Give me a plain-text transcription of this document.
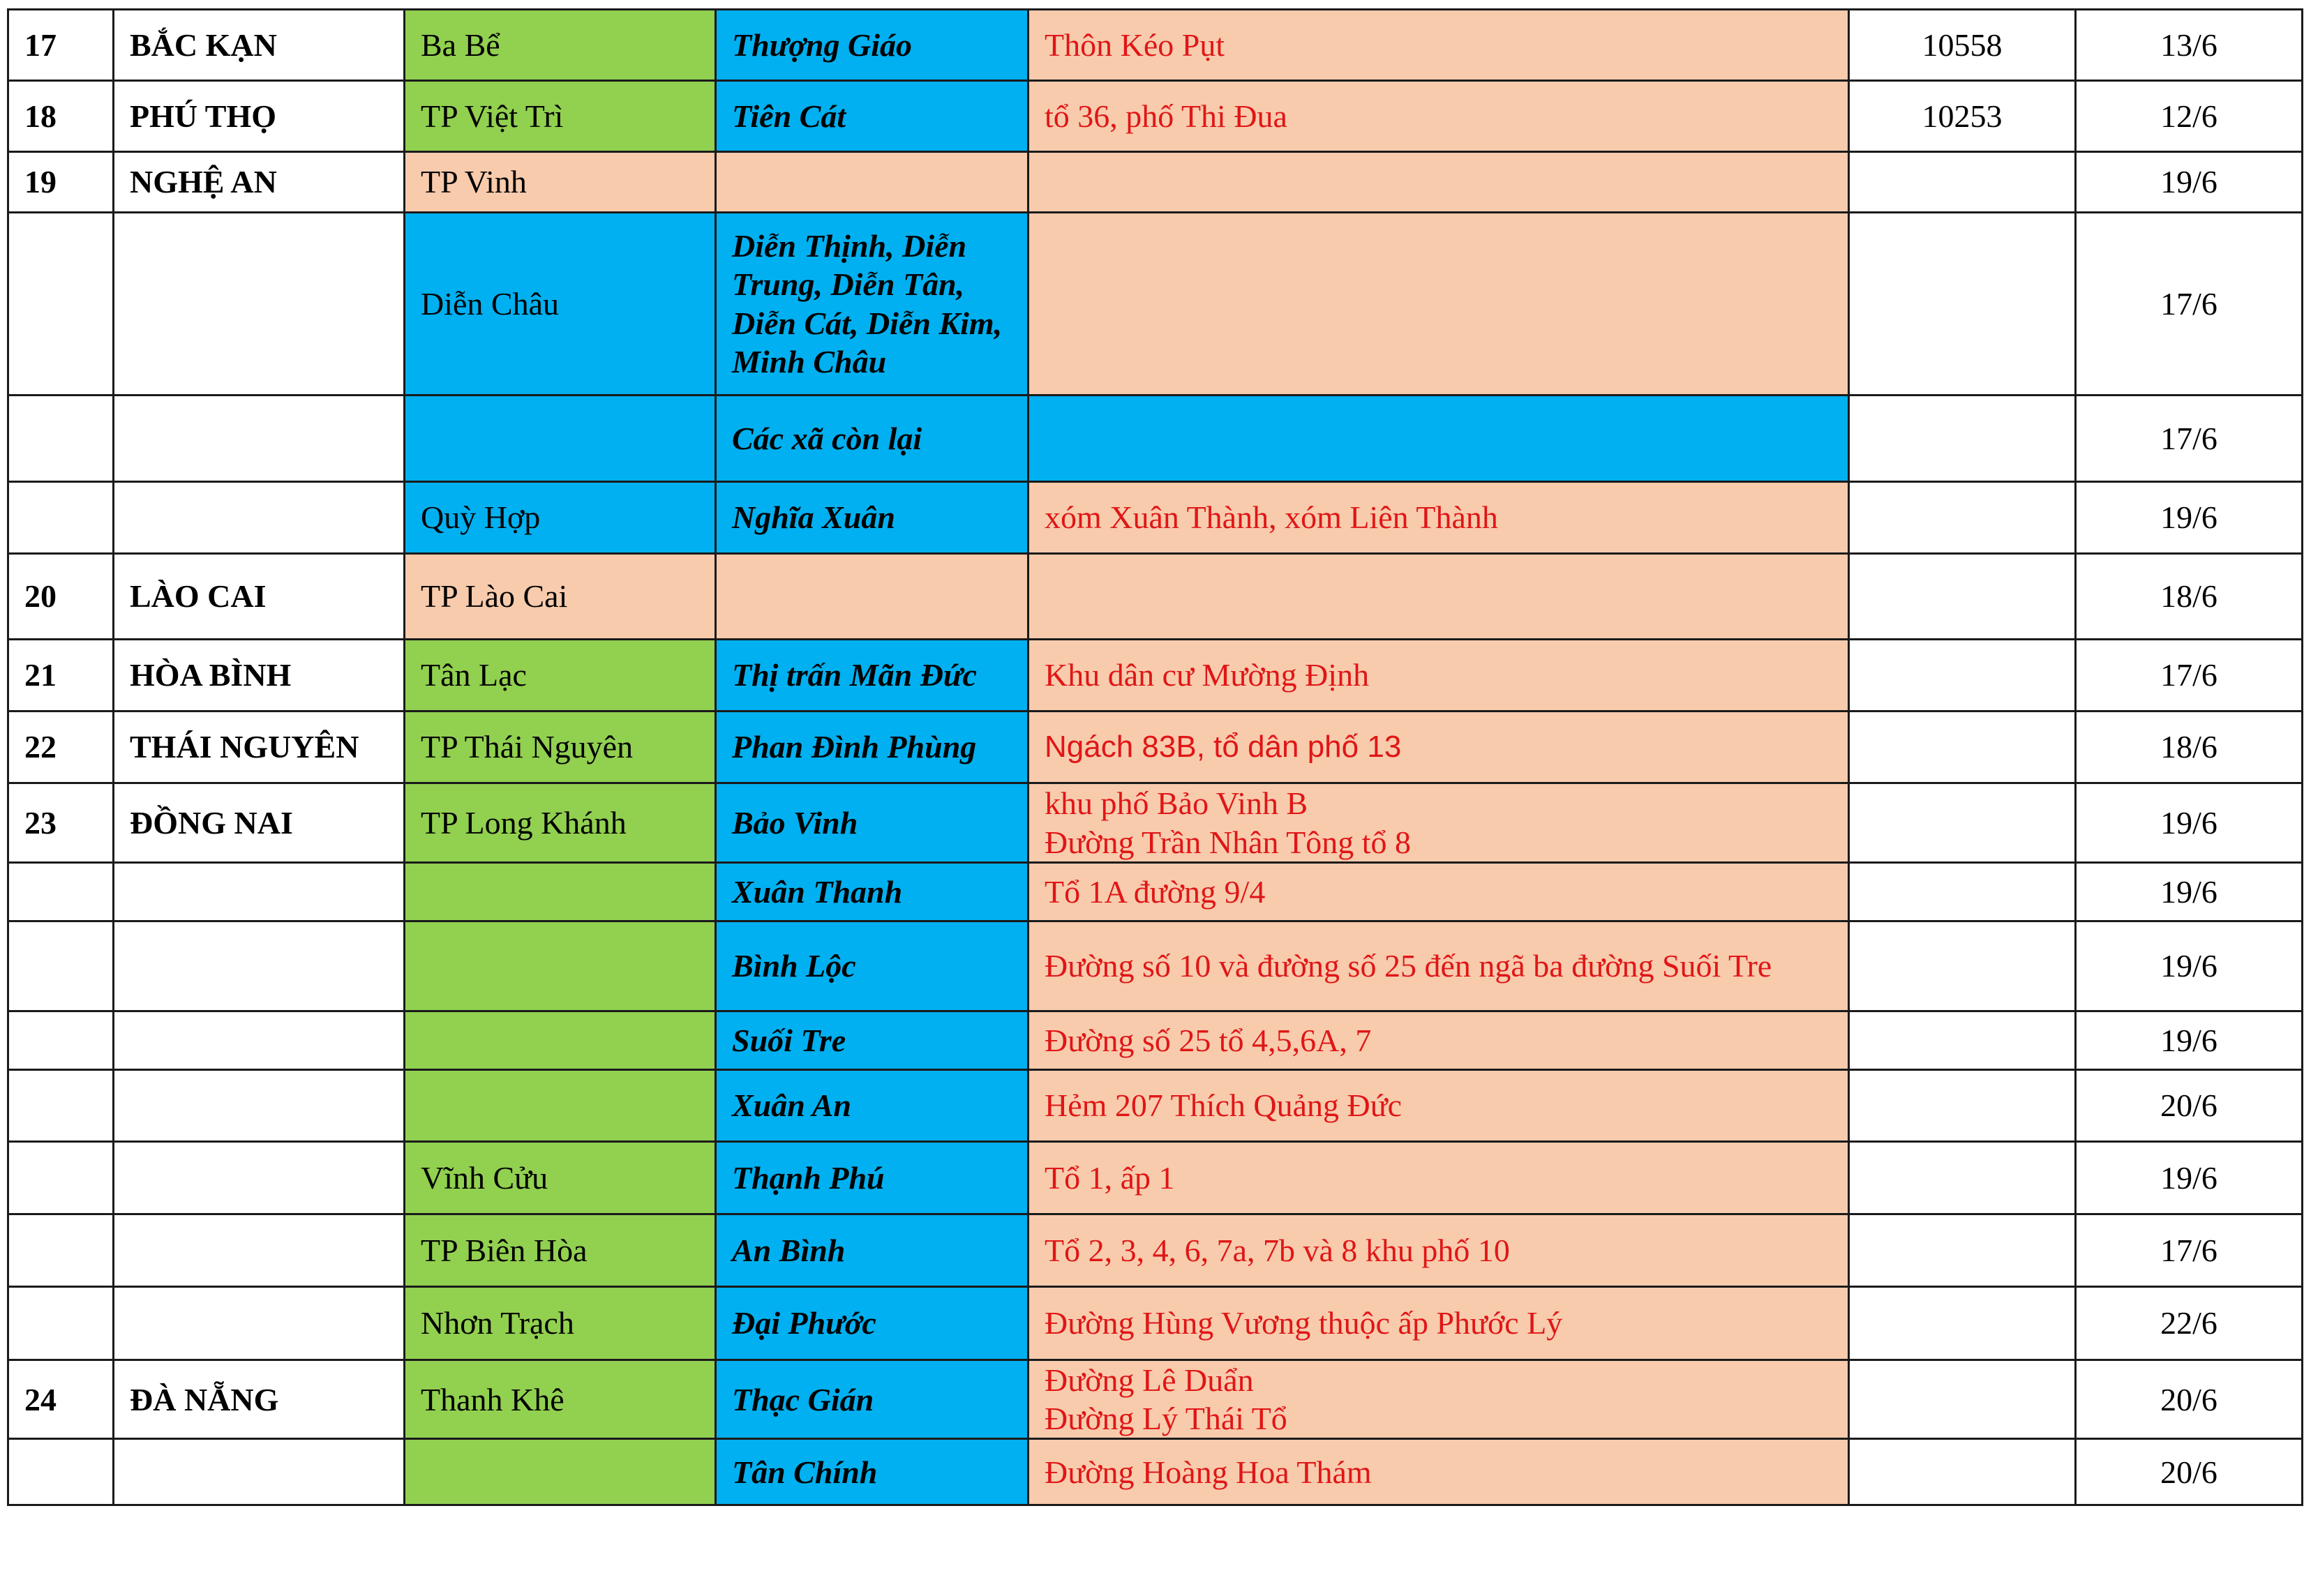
17	BẮC KẠN	Ba Bể	Thượng Giáo	Thôn Kéo Pụt	10558	13/6
18	PHÚ THỌ	TP Việt Trì	Tiên Cát	tổ 36, phố Thi Đua	10253	12/6
19	NGHỆ AN	TP Vinh				19/6
		Diễn Châu	Diễn Thịnh, Diễn Trung, Diễn Tân, Diễn Cát, Diễn Kim, Minh Châu			17/6
			Các xã còn lại			17/6
		Quỳ Hợp	Nghĩa Xuân	xóm Xuân Thành, xóm Liên Thành		19/6
20	LÀO CAI	TP Lào Cai				18/6
21	HÒA BÌNH	Tân Lạc	Thị trấn Mãn Đức	Khu dân cư Mường Định		17/6
22	THÁI NGUYÊN	TP Thái Nguyên	Phan Đình Phùng	Ngách 83B, tổ dân phố 13		18/6
23	ĐỒNG NAI	TP Long Khánh	Bảo Vinh	khu phố Bảo Vinh B
Đường Trần Nhân Tông tổ 8		19/6
			Xuân Thanh	Tổ 1A đường 9/4		19/6
			Bình Lộc	Đường số 10 và đường số 25 đến ngã ba đường Suối Tre		19/6
			Suối Tre	Đường số 25 tổ 4,5,6A, 7		19/6
			Xuân An	Hẻm 207 Thích Quảng Đức		20/6
		Vĩnh Cửu	Thạnh Phú	Tổ 1, ấp 1		19/6
		TP Biên Hòa	An Bình	Tổ 2, 3, 4, 6, 7a, 7b và 8 khu phố 10		17/6
		Nhơn Trạch	Đại Phước	Đường Hùng Vương thuộc ấp Phước Lý		22/6
24	ĐÀ NẴNG	Thanh Khê	Thạc Gián	Đường Lê Duẩn
Đường Lý Thái Tổ		20/6
			Tân Chính	Đường Hoàng Hoa Thám		20/6
